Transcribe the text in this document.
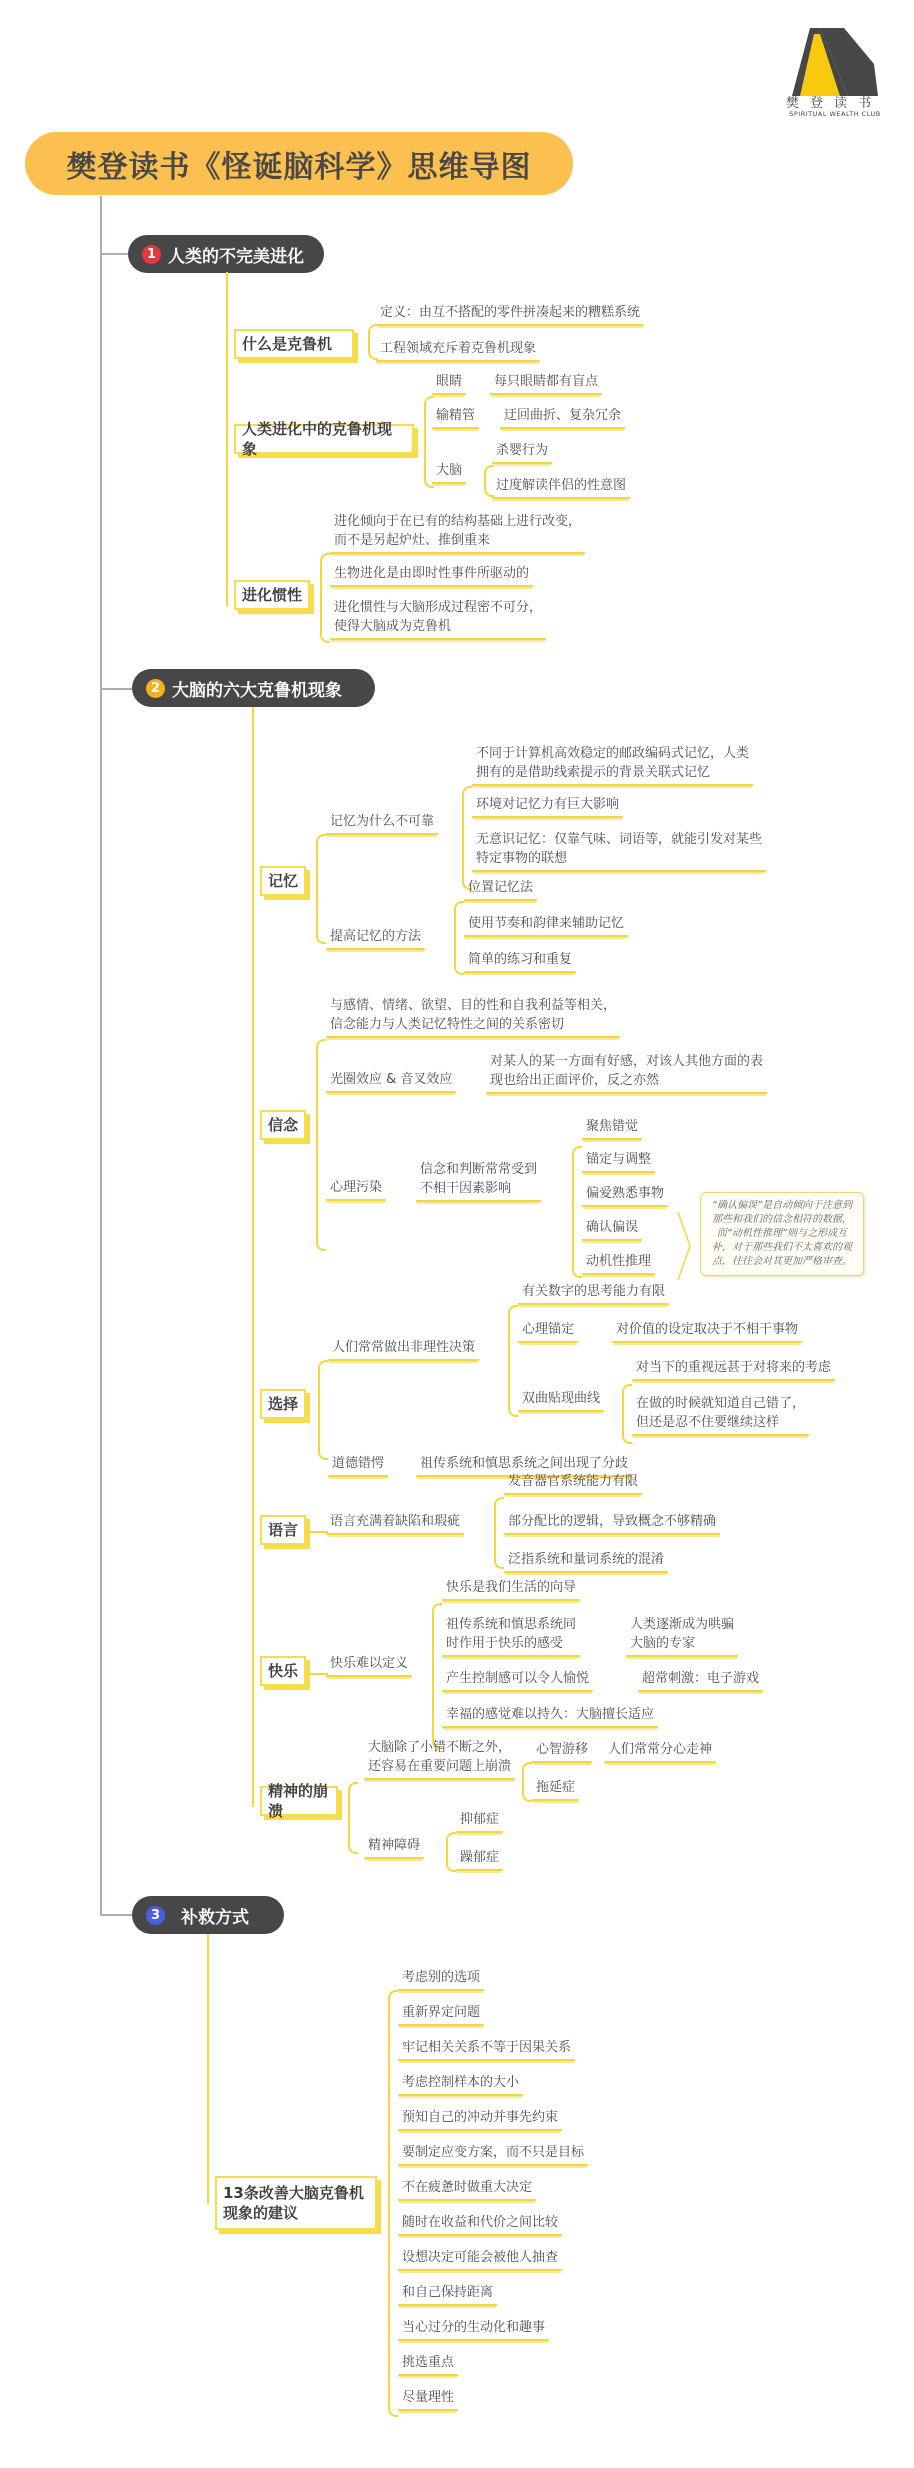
樊登读书《怪诞脑科学》思维导图
樊登读书
SPIRITUAL WEALTH CLUB
1 人类的不完美进化
什么是克鲁机
定义：由互不搭配的零件拼凑起来的糟糕系统
工程领域充斥着克鲁机现象
人类进化中的克鲁机现象
眼睛	每只眼睛都有盲点
输精管	迂回曲折、复杂冗余
大脑
杀婴行为
过度解读伴侣的性意图
进化惯性
进化倾向于在已有的结构基础上进行改变，
而不是另起炉灶、推倒重来
生物进化是由即时性事件所驱动的
进化惯性与大脑形成过程密不可分，
使得大脑成为克鲁机
2 大脑的六大克鲁机现象
记忆
记忆为什么不可靠
不同于计算机高效稳定的邮政编码式记忆，人类
拥有的是借助线索提示的背景关联式记忆
环境对记忆力有巨大影响
无意识记忆：仅靠气味、词语等，就能引发对某些
特定事物的联想
提高记忆的方法
位置记忆法
使用节奏和韵律来辅助记忆
简单的练习和重复
信念
与感情、情绪、欲望、目的性和自我利益等相关，
信念能力与人类记忆特性之间的关系密切
光圈效应 & 音叉效应
对某人的某一方面有好感，对该人其他方面的表
现也给出正面评价，反之亦然
心理污染
信念和判断常常受到
不相干因素影响
聚焦错觉
锚定与调整
偏爱熟悉事物
确认偏误
动机性推理
“确认偏误”是自动倾向于注意到那些和我们的信念相符的数据，而“动机性推理”则与之形成互补，对于那些我们不太喜欢的观点，往往会对其更加严格审查。
选择
人们常常做出非理性决策
有关数字的思考能力有限
心理锚定	对价值的设定取决于不相干事物
双曲贴现曲线
对当下的重视远甚于对将来的考虑
在做的时候就知道自己错了，
但还是忍不住要继续这样
道德错愕	祖传系统和慎思系统之间出现了分歧
语言	语言充满着缺陷和瑕疵
发音器官系统能力有限
部分配比的逻辑，导致概念不够精确
泛指系统和量词系统的混淆
快乐	快乐难以定义
快乐是我们生活的向导
祖传系统和慎思系统同
时作用于快乐的感受
人类逐渐成为哄骗
大脑的专家
产生控制感可以令人愉悦	超常刺激：电子游戏
幸福的感觉难以持久：大脑擅长适应
精神的崩溃
大脑除了小错不断之外，
还容易在重要问题上崩溃
心智游移	人们常常分心走神
拖延症
精神障碍
抑郁症
躁郁症
3 补救方式
13条改善大脑克鲁机现象的建议
考虑别的选项
重新界定问题
牢记相关关系不等于因果关系
考虑控制样本的大小
预知自己的冲动并事先约束
要制定应变方案，而不只是目标
不在疲惫时做重大决定
随时在收益和代价之间比较
设想决定可能会被他人抽查
和自己保持距离
当心过分的生动化和趣事
挑选重点
尽量理性
